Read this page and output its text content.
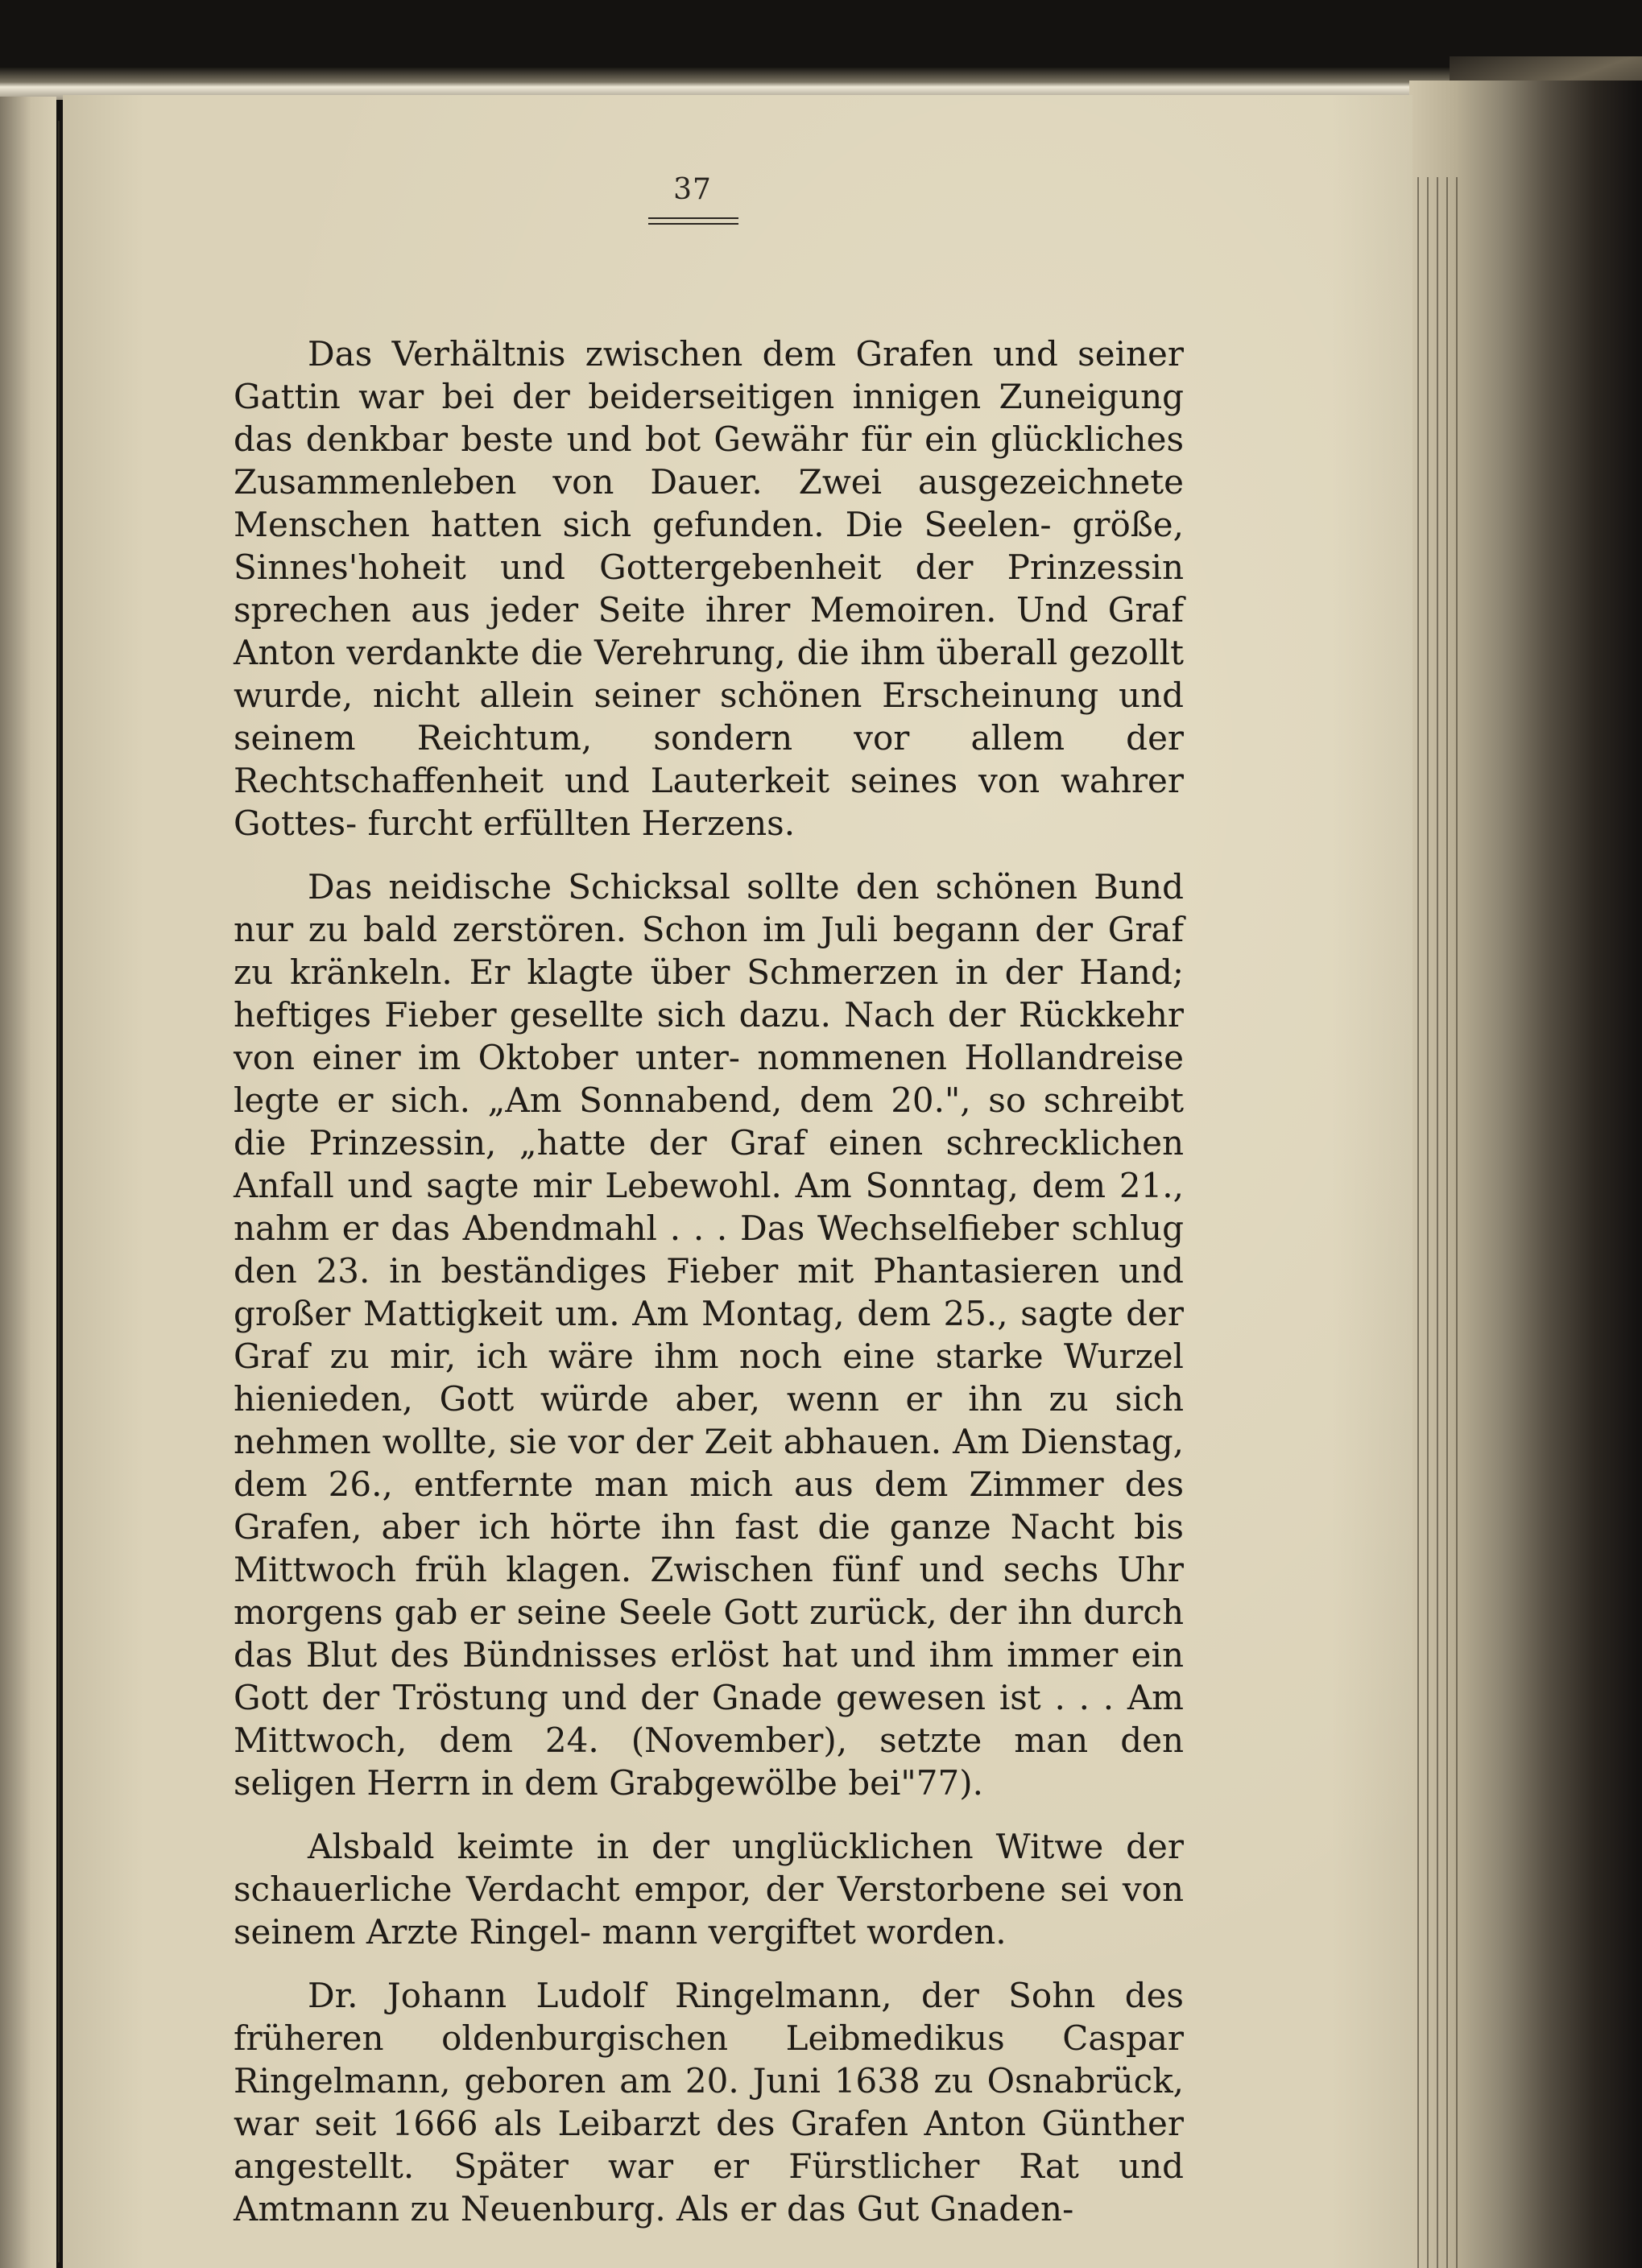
37

Das Verhältnis zwischen dem Grafen und seiner Gattin war bei der beiderseitigen innigen Zuneigung das denkbar beste und bot Gewähr für ein glückliches Zusammenleben von Dauer. Zwei ausgezeichnete Menschen hatten sich gefunden. Die Seelen- größe, Sinnes'hoheit und Gottergebenheit der Prinzessin sprechen aus jeder Seite ihrer Memoiren. Und Graf Anton verdankte die Verehrung, die ihm überall gezollt wurde, nicht allein seiner schönen Erscheinung und seinem Reichtum, sondern vor allem der Rechtschaffenheit und Lauterkeit seines von wahrer Gottes- furcht erfüllten Herzens.

Das neidische Schicksal sollte den schönen Bund nur zu bald zerstören. Schon im Juli begann der Graf zu kränkeln. Er klagte über Schmerzen in der Hand; heftiges Fieber gesellte sich dazu. Nach der Rückkehr von einer im Oktober unter- nommenen Hollandreise legte er sich. „Am Sonnabend, dem 20.", so schreibt die Prinzessin, „hatte der Graf einen schrecklichen Anfall und sagte mir Lebewohl. Am Sonntag, dem 21., nahm er das Abendmahl . . . Das Wechselfieber schlug den 23. in beständiges Fieber mit Phantasieren und großer Mattigkeit um. Am Montag, dem 25., sagte der Graf zu mir, ich wäre ihm noch eine starke Wurzel hienieden, Gott würde aber, wenn er ihn zu sich nehmen wollte, sie vor der Zeit abhauen. Am Dienstag, dem 26., entfernte man mich aus dem Zimmer des Grafen, aber ich hörte ihn fast die ganze Nacht bis Mittwoch früh klagen. Zwischen fünf und sechs Uhr morgens gab er seine Seele Gott zurück, der ihn durch das Blut des Bündnisses erlöst hat und ihm immer ein Gott der Tröstung und der Gnade gewesen ist . . . Am Mittwoch, dem 24. (November), setzte man den seligen Herrn in dem Grabgewölbe bei"77).

Alsbald keimte in der unglücklichen Witwe der schauerliche Verdacht empor, der Verstorbene sei von seinem Arzte Ringel- mann vergiftet worden.

Dr. Johann Ludolf Ringelmann, der Sohn des früheren oldenburgischen Leibmedikus Caspar Ringelmann, geboren am 20. Juni 1638 zu Osnabrück, war seit 1666 als Leibarzt des Grafen Anton Günther angestellt. Später war er Fürstlicher Rat und Amtmann zu Neuenburg. Als er das Gut Gnaden-
